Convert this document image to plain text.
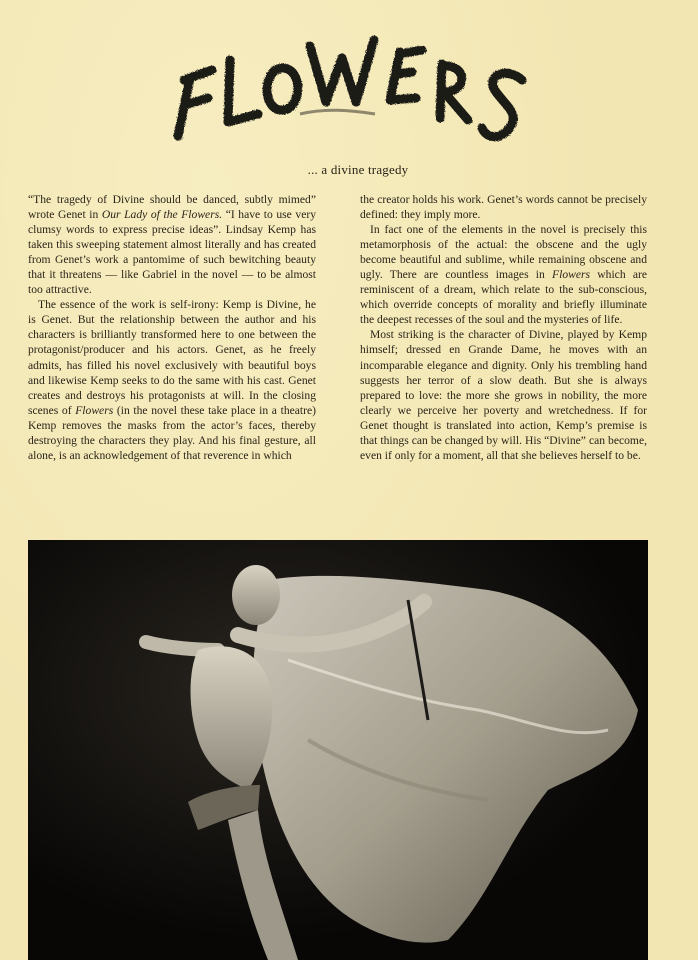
... a divine tragedy

“The tragedy of Divine should be danced, subtly mimed” wrote Genet in Our Lady of the Flowers. “I have to use very clumsy words to express precise ideas”. Lindsay Kemp has taken this sweeping statement almost literally and has created from Genet’s work a pantomime of such bewitching beauty that it threatens — like Gabriel in the novel — to be almost too attractive.

The essence of the work is self-irony: Kemp is Divine, he is Genet. But the relationship between the author and his characters is brilliantly transformed here to one between the protagonist/producer and his actors. Genet, as he freely admits, has filled his novel exclusively with beautiful boys and likewise Kemp seeks to do the same with his cast. Genet creates and destroys his protagonists at will. In the closing scenes of Flowers (in the novel these take place in a theatre) Kemp removes the masks from the actor’s faces, thereby destroying the characters they play. And his final gesture, all alone, is an acknowledgement of that reverence in which

the creator holds his work. Genet’s words cannot be precisely defined: they imply more.

In fact one of the elements in the novel is precisely this metamorphosis of the actual: the obscene and the ugly become beautiful and sublime, while remaining obscene and ugly. There are countless images in Flowers which are reminiscent of a dream, which relate to the sub-conscious, which override concepts of morality and briefly illuminate the deepest recesses of the soul and the mysteries of life.

Most striking is the character of Divine, played by Kemp himself; dressed en Grande Dame, he moves with an incomparable elegance and dignity. Only his trembling hand suggests her terror of a slow death. But she is always prepared to love: the more she grows in nobility, the more clearly we perceive her poverty and wretchedness. If for Genet thought is translated into action, Kemp’s premise is that things can be changed by will. His “Divine” can become, even if only for a moment, all that she believes herself to be.
